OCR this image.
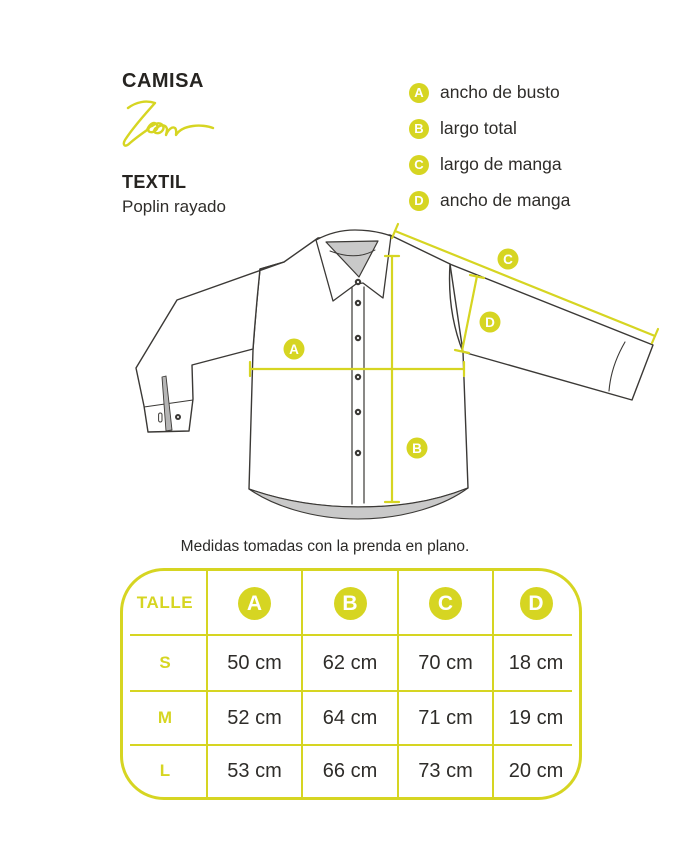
CAMISA
TEXTIL
Poplin rayado
A ancho de busto
B largo total
C largo de manga
D ancho de manga
A
B
C
D
Medidas tomadas con la prenda en plano.
TALLE	A	B	C	D
S	50 cm	62 cm	70 cm	18 cm
M	52 cm	64 cm	71 cm	19 cm
L	53 cm	66 cm	73 cm	20 cm
